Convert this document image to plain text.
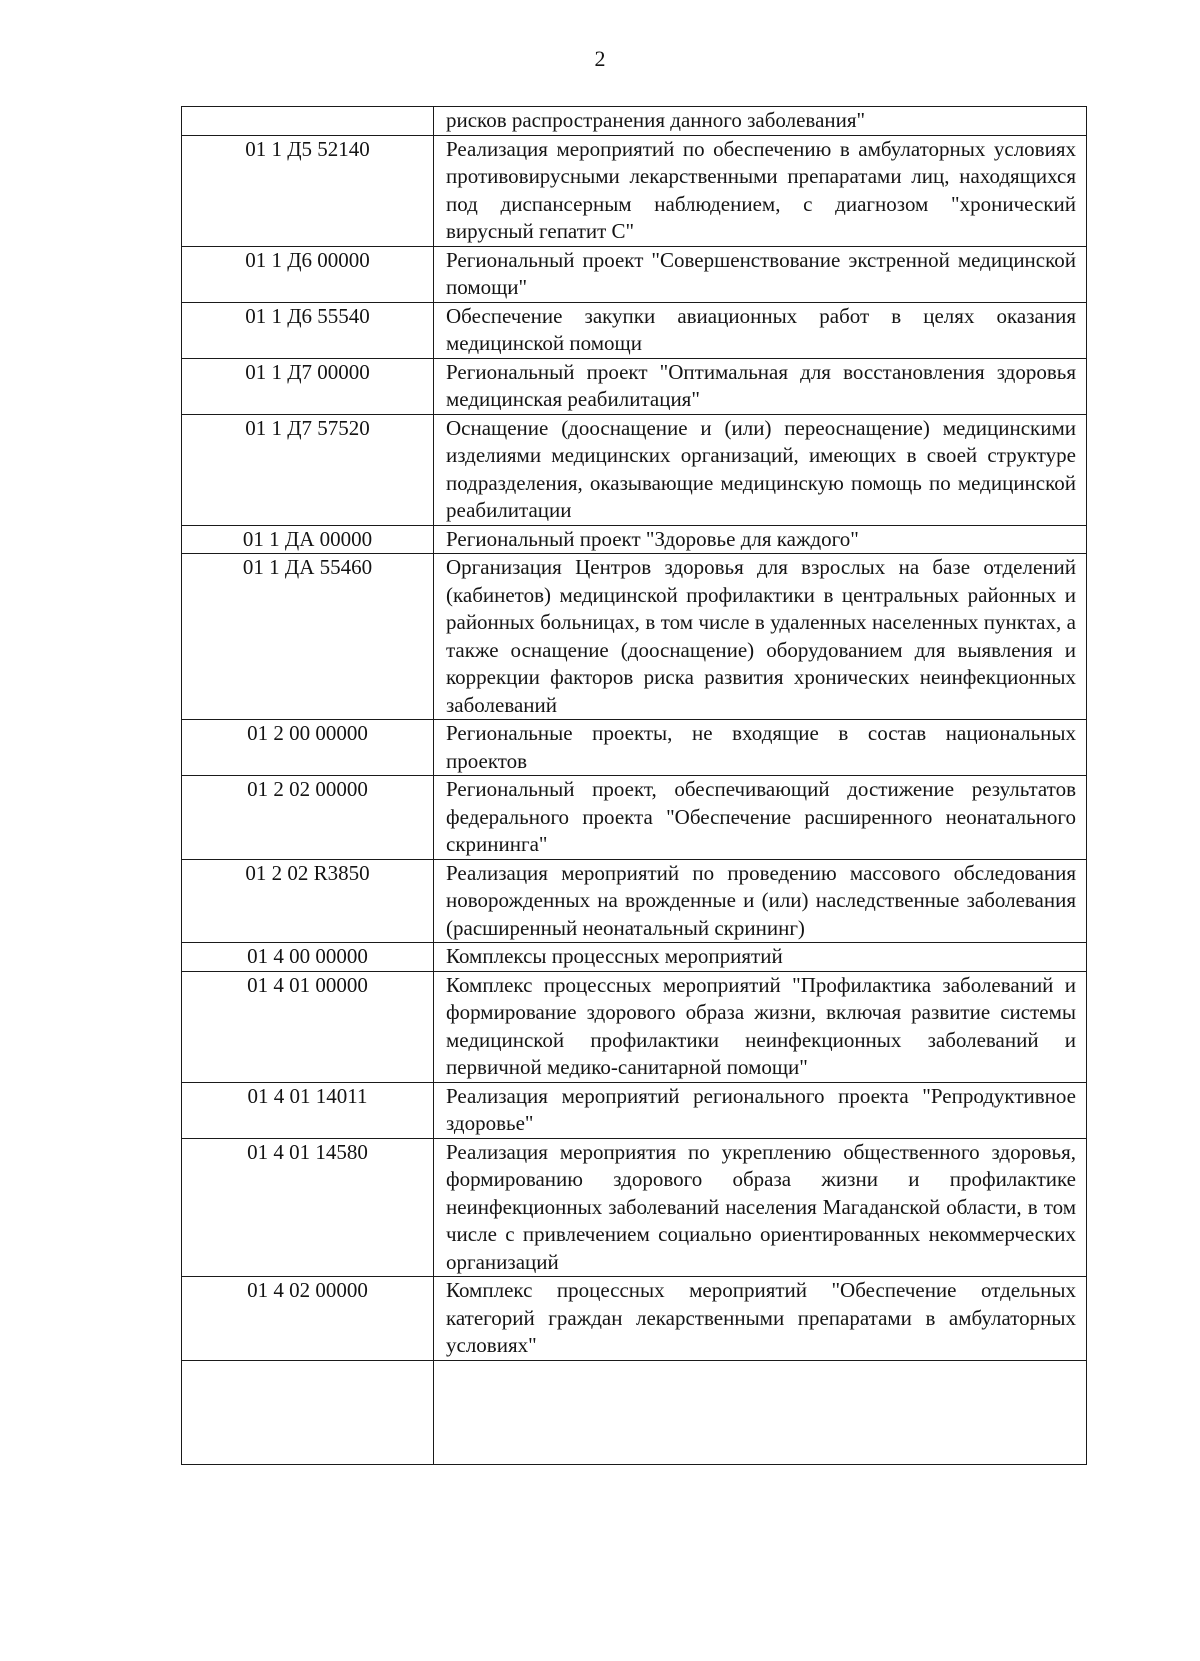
2
	рисков распространения данного заболевания"
01 1 Д5 52140	Реализация мероприятий по обеспечению в амбулаторных условиях противовирусными лекарственными препаратами лиц, находящихся под диспансерным наблюдением, с диагнозом "хронический вирусный гепатит С"
01 1 Д6 00000	Региональный проект "Совершенствование экстренной медицинской помощи"
01 1 Д6 55540	Обеспечение закупки авиационных работ в целях оказания медицинской помощи
01 1 Д7 00000	Региональный проект "Оптимальная для восстановления здоровья медицинская реабилитация"
01 1 Д7 57520	Оснащение (дооснащение и (или) переоснащение) медицинскими изделиями медицинских организаций, имеющих в своей структуре подразделения, оказывающие медицинскую помощь по медицинской реабилитации
01 1 ДА 00000	Региональный проект "Здоровье для каждого"
01 1 ДА 55460	Организация Центров здоровья для взрослых на базе отделений (кабинетов) медицинской профилактики в центральных районных и районных больницах, в том числе в удаленных населенных пунктах, а также оснащение (дооснащение) оборудованием для выявления и коррекции факторов риска развития хронических неинфекционных заболеваний
01 2 00 00000	Региональные проекты, не входящие в состав национальных проектов
01 2 02 00000	Региональный проект, обеспечивающий достижение результатов федерального проекта "Обеспечение расширенного неонатального скрининга"
01 2 02 R3850	Реализация мероприятий по проведению массового обследования новорожденных на врожденные и (или) наследственные заболевания (расширенный неонатальный скрининг)
01 4 00 00000	Комплексы процессных мероприятий
01 4 01 00000	Комплекс процессных мероприятий "Профилактика заболеваний и формирование здорового образа жизни, включая развитие системы медицинской профилактики неинфекционных заболеваний и первичной медико-санитарной помощи"
01 4 01 14011	Реализация мероприятий регионального проекта "Репродуктивное здоровье"
01 4 01 14580	Реализация мероприятия по укреплению общественного здоровья, формированию здорового образа жизни и профилактике неинфекционных заболеваний населения Магаданской области, в том числе с привлечением социально ориентированных некоммерческих организаций
01 4 02 00000	Комплекс процессных мероприятий "Обеспечение отдельных категорий граждан лекарственными препаратами в амбулаторных условиях"
